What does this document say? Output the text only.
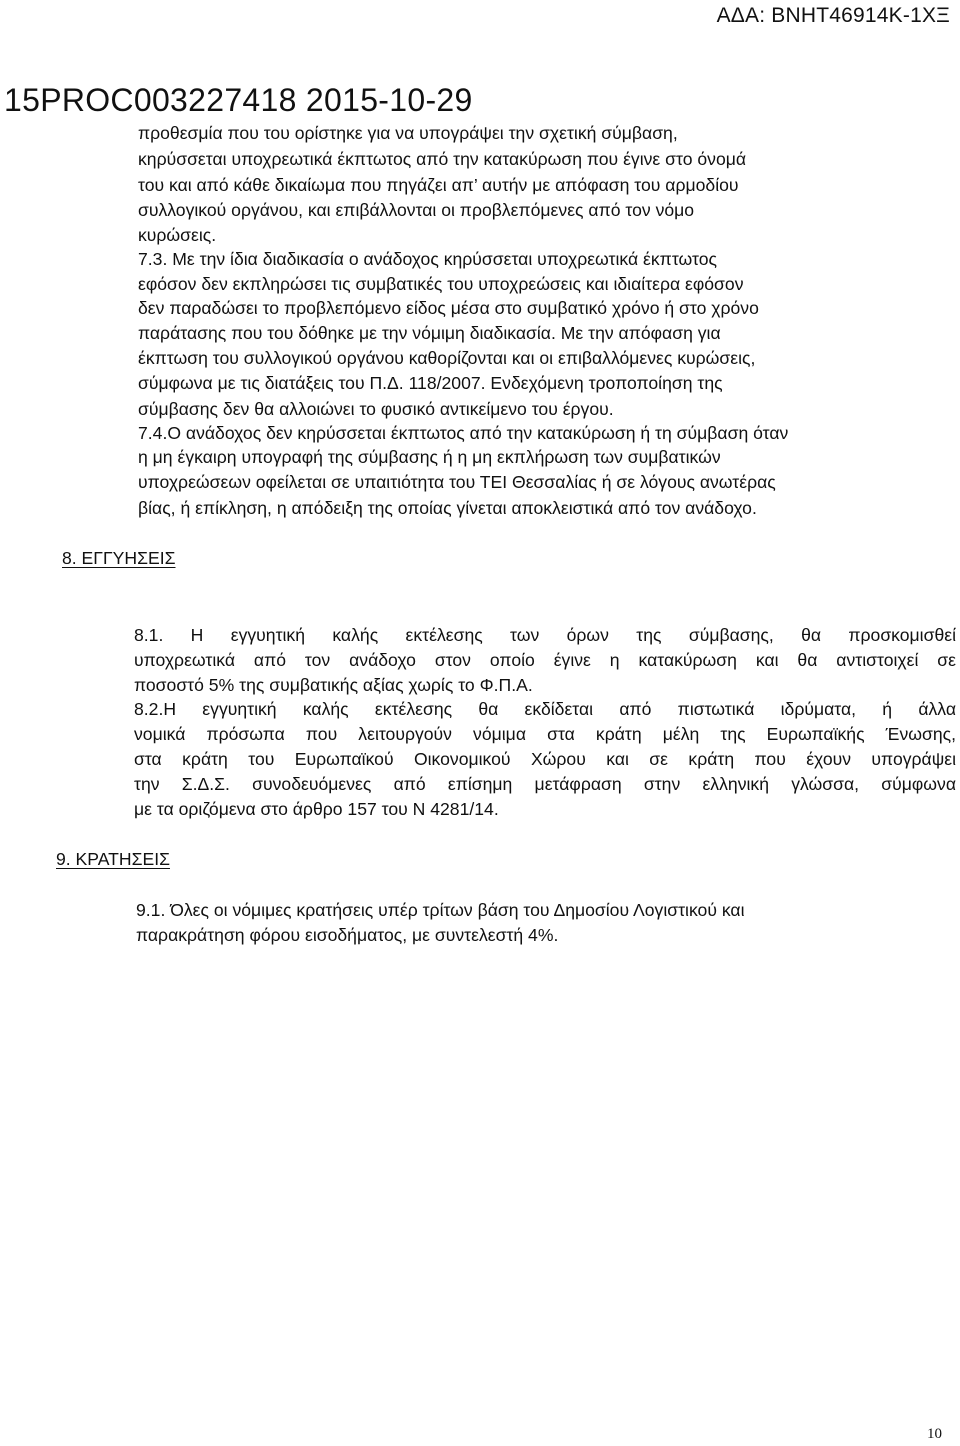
ΑΔΑ: ΒΝΗΤ46914Κ-1ΧΞ
15PROC003227418 2015-10-29
προθεσμία που του ορίστηκε για να υπογράψει την σχετική σύμβαση,
κηρύσσεται υποχρεωτικά έκπτωτος από την κατακύρωση που έγινε στο όνομά
του και από κάθε δικαίωμα που πηγάζει απ’ αυτήν με απόφαση του αρμοδίου
συλλογικού οργάνου, και επιβάλλονται οι προβλεπόμενες από τον νόμο
κυρώσεις.
7.3. Με την ίδια διαδικασία ο ανάδοχος κηρύσσεται υποχρεωτικά έκπτωτος
εφόσον δεν εκπληρώσει τις συμβατικές του υποχρεώσεις και ιδιαίτερα εφόσον
δεν παραδώσει το προβλεπόμενο είδος μέσα στο συμβατικό χρόνο ή στο χρόνο
παράτασης που του δόθηκε με την νόμιμη διαδικασία. Με την απόφαση για
έκπτωση του συλλογικού οργάνου καθορίζονται και οι επιβαλλόμενες κυρώσεις,
σύμφωνα με τις διατάξεις του Π.Δ. 118/2007. Ενδεχόμενη τροποποίηση της
σύμβασης δεν θα αλλοιώνει το φυσικό αντικείμενο του έργου.
7.4.Ο ανάδοχος δεν κηρύσσεται έκπτωτος από την κατακύρωση ή τη σύμβαση όταν
η μη έγκαιρη υπογραφή της σύμβασης ή η μη εκπλήρωση των συμβατικών
υποχρεώσεων οφείλεται σε υπαιτιότητα του ΤΕΙ Θεσσαλίας ή σε λόγους ανωτέρας
βίας, ή επίκληση, η απόδειξη της οποίας γίνεται αποκλειστικά από τον ανάδοχο.
8. ΕΓΓΥΗΣΕΙΣ
8.1. Η εγγυητική καλής εκτέλεσης των όρων της σύμβασης, θα προσκομισθεί
υποχρεωτικά από τον ανάδοχο στον οποίο έγινε η κατακύρωση και θα αντιστοιχεί σε
ποσοστό 5% της συμβατικής αξίας χωρίς το Φ.Π.Α.
8.2.Η εγγυητική καλής εκτέλεσης θα εκδίδεται από πιστωτικά ιδρύματα, ή άλλα
νομικά πρόσωπα που λειτουργούν νόμιμα στα κράτη μέλη της Ευρωπαϊκής Ένωσης,
στα κράτη του Ευρωπαϊκού Οικονομικού Χώρου και σε κράτη που έχουν υπογράψει
την Σ.Δ.Σ. συνοδευόμενες από επίσημη μετάφραση στην ελληνική γλώσσα, σύμφωνα
με τα οριζόμενα στο άρθρο 157 του Ν 4281/14.
9. ΚΡΑΤΗΣΕΙΣ
9.1. Όλες οι νόμιμες κρατήσεις υπέρ τρίτων βάση του Δημοσίου Λογιστικού και
παρακράτηση φόρου εισοδήματος, με συντελεστή 4%.
10
